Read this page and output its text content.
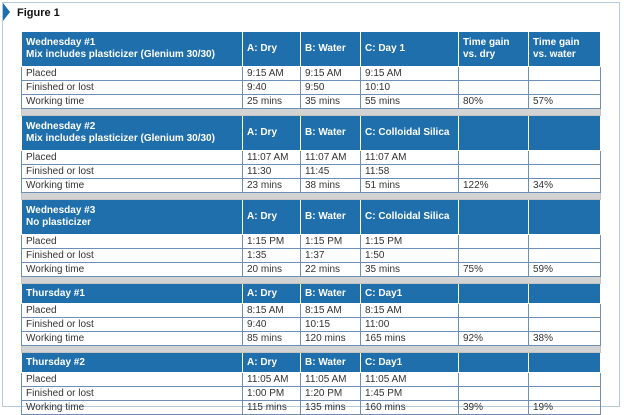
Figure 1
Wednesday #1
Mix includes plasticizer (Glenium 30/30)	A: Dry	B: Water	C: Day 1	Time gain vs. dry	Time gain vs. water
Placed	9:15 AM	9:15 AM	9:15 AM		
Finished or lost	9:40	9:50	10:10		
Working time	25 mins	35 mins	55 mins	80%	57%

Wednesday #2
Mix includes plasticizer (Glenium 30/30)	A: Dry	B: Water	C: Colloidal Silica		
Placed	11:07 AM	11:07 AM	11:07 AM		
Finished or lost	11:30	11:45	11:58		
Working time	23 mins	38 mins	51 mins	122%	34%

Wednesday #3
No plasticizer	A: Dry	B: Water	C: Colloidal Silica		
Placed	1:15 PM	1:15 PM	1:15 PM		
Finished or lost	1:35	1:37	1:50		
Working time	20 mins	22 mins	35 mins	75%	59%

Thursday #1	A: Dry	B: Water	C: Day1		
Placed	8:15 AM	8:15 AM	8:15 AM		
Finished or lost	9:40	10:15	11:00		
Working time	85 mins	120 mins	165 mins	92%	38%

Thursday #2	A: Dry	B: Water	C: Day1		
Placed	11:05 AM	11:05 AM	11:05 AM		
Finished or lost	1:00 PM	1:20 PM	1:45 PM		
Working time	115 mins	135 mins	160 mins	39%	19%
